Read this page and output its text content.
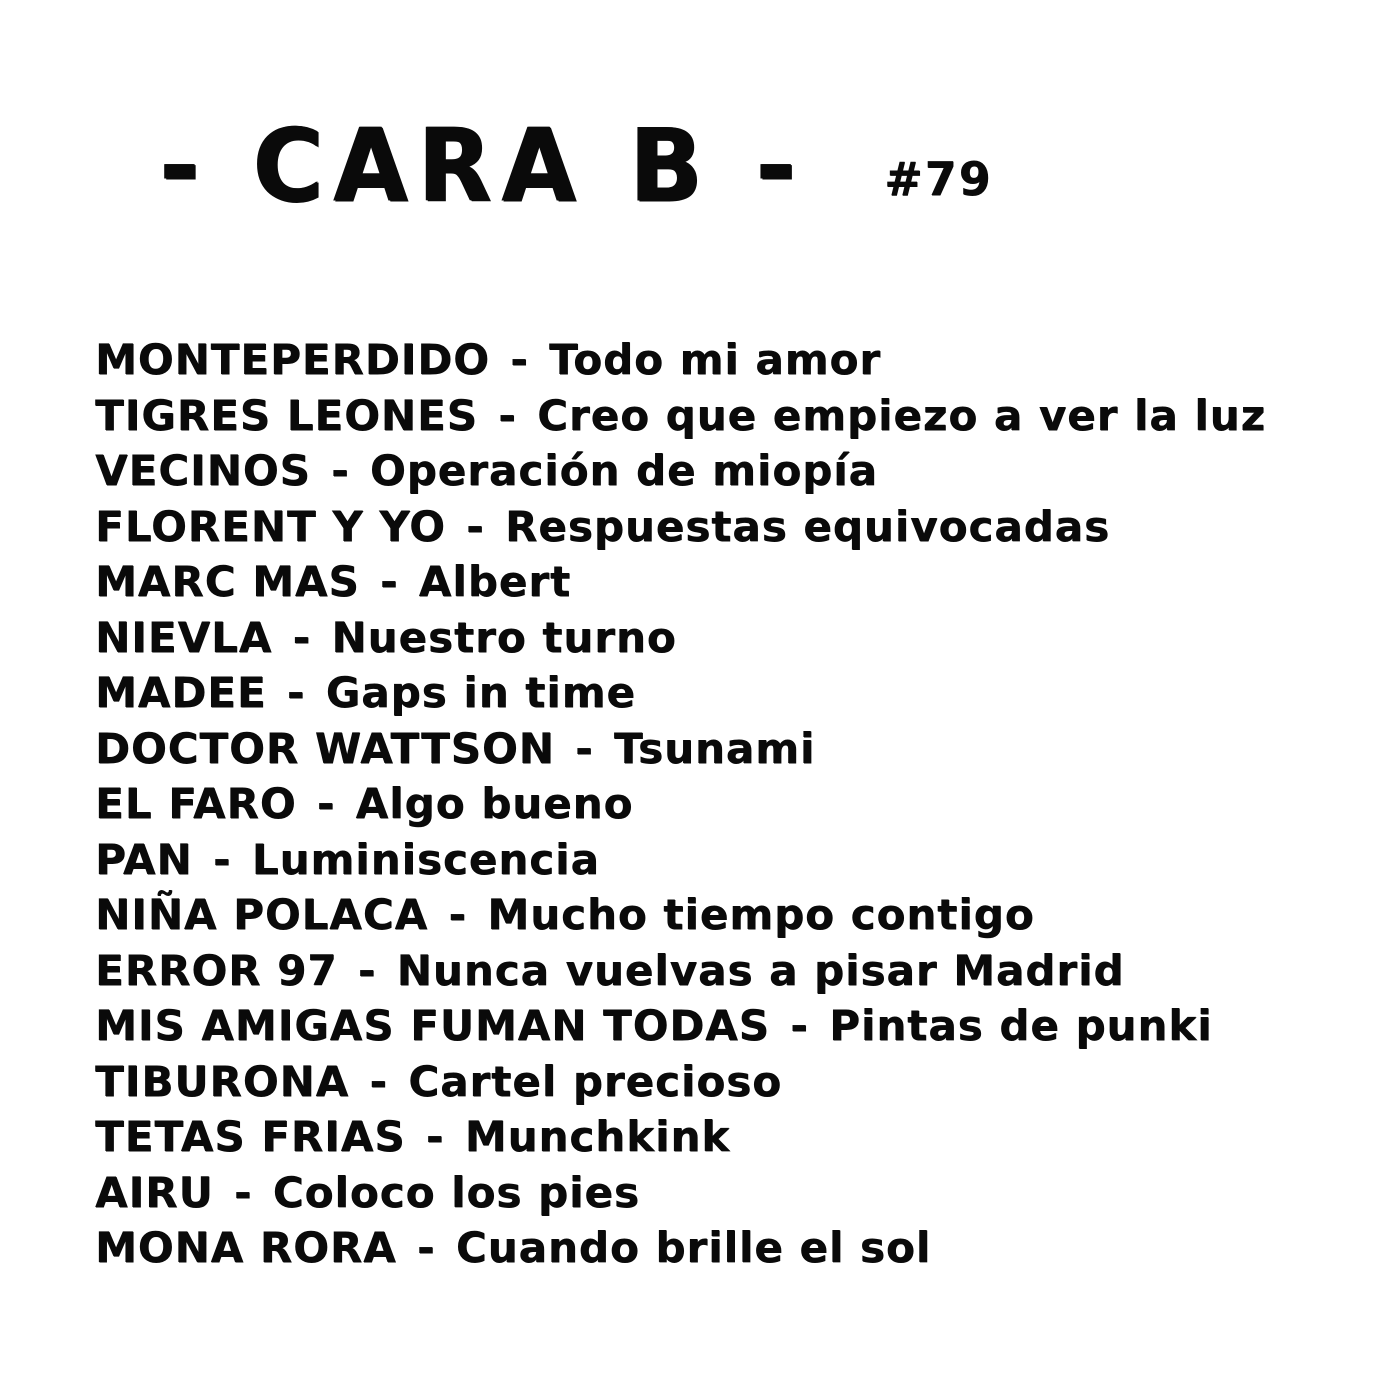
- CARA B - #79
MONTEPERDIDO - Todo mi amor
TIGRES LEONES - Creo que empiezo a ver la luz
VECINOS - Operación de miopía
FLORENT Y YO - Respuestas equivocadas
MARC MAS - Albert
NIEVLA - Nuestro turno
MADEE - Gaps in time
DOCTOR WATTSON - Tsunami
EL FARO - Algo bueno
PAN - Luminiscencia
NIÑA POLACA - Mucho tiempo contigo
ERROR 97 - Nunca vuelvas a pisar Madrid
MIS AMIGAS FUMAN TODAS - Pintas de punki
TIBURONA - Cartel precioso
TETAS FRIAS - Munchkink
AIRU - Coloco los pies
MONA RORA - Cuando brille el sol
